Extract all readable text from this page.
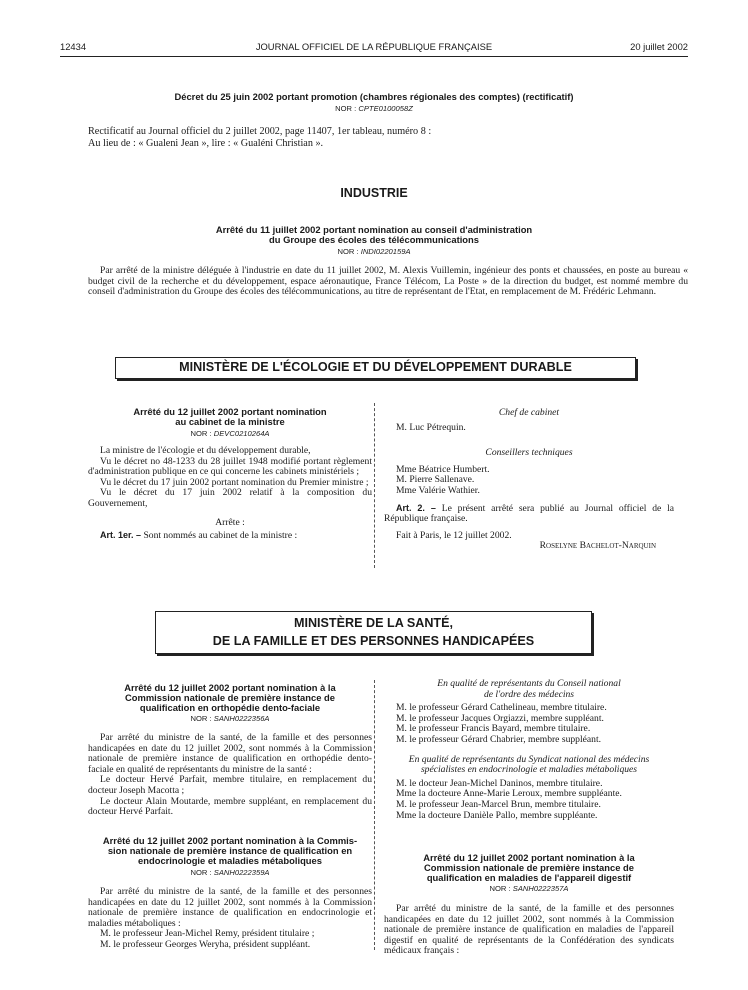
12434	JOURNAL OFFICIEL DE LA RÉPUBLIQUE FRANÇAISE	20 juillet 2002
Décret du 25 juin 2002 portant promotion (chambres régionales des comptes) (rectificatif)
NOR : CPTE0100058Z

Rectificatif au Journal officiel du 2 juillet 2002, page 11407, 1er tableau, numéro 8 :

Au lieu de : « Gualeni Jean », lire : « Gualéni Christian ».

INDUSTRIE
Arrêté du 11 juillet 2002 portant nomination au conseil d'administration
du Groupe des écoles des télécommunications
NOR : INDI0220159A

Par arrêté de la ministre déléguée à l'industrie en date du 11 juillet 2002, M. Alexis Vuillemin, ingénieur des ponts et chaussées, en poste au bureau « budget civil de la recherche et du développement, espace aéronautique, France Télécom, La Poste » de la direction du budget, est nommé membre du conseil d'administration du Groupe des écoles des télécommunications, au titre de représentant de l'Etat, en remplacement de M. Frédéric Lehmann.

MINISTÈRE DE L'ÉCOLOGIE ET DU DÉVELOPPEMENT DURABLE
Arrêté du 12 juillet 2002 portant nomination
au cabinet de la ministre
NOR : DEVC0210264A

La ministre de l'écologie et du développement durable,

Vu le décret no 48-1233 du 28 juillet 1948 modifié portant règlement d'administration publique en ce qui concerne les cabinets ministériels ;

Vu le décret du 17 juin 2002 portant nomination du Premier ministre ;

Vu le décret du 17 juin 2002 relatif à la composition du Gouvernement,

Arrête :

Art. 1er. – Sont nommés au cabinet de la ministre :

Chef de cabinet

M. Luc Pétrequin.

Conseillers techniques

Mme Béatrice Humbert.

M. Pierre Sallenave.

Mme Valérie Wathier.

Art. 2. – Le présent arrêté sera publié au Journal officiel de la République française.

Fait à Paris, le 12 juillet 2002.

Roselyne Bachelot-Narquin

MINISTÈRE DE LA SANTÉ,
DE LA FAMILLE ET DES PERSONNES HANDICAPÉES
Arrêté du 12 juillet 2002 portant nomination à la
Commission nationale de première instance de
qualification en orthopédie dento-faciale
NOR : SANH0222356A

Par arrêté du ministre de la santé, de la famille et des personnes handicapées en date du 12 juillet 2002, sont nommés à la Commission nationale de première instance de qualification en orthopédie dento-faciale en qualité de représentants du ministre de la santé :

Le docteur Hervé Parfait, membre titulaire, en remplacement du docteur Joseph Macotta ;

Le docteur Alain Moutarde, membre suppléant, en remplacement du docteur Hervé Parfait.

Arrêté du 12 juillet 2002 portant nomination à la Commis-
sion nationale de première instance de qualification en
endocrinologie et maladies métaboliques
NOR : SANH0222359A

Par arrêté du ministre de la santé, de la famille et des personnes handicapées en date du 12 juillet 2002, sont nommés à la Commission nationale de première instance de qualification en endocrinologie et maladies métaboliques :

M. le professeur Jean-Michel Remy, président titulaire ;

M. le professeur Georges Weryha, président suppléant.

En qualité de représentants du Conseil national

de l'ordre des médecins

M. le professeur Gérard Cathelineau, membre titulaire.

M. le professeur Jacques Orgiazzi, membre suppléant.

M. le professeur Francis Bayard, membre titulaire.

M. le professeur Gérard Chabrier, membre suppléant.

En qualité de représentants du Syndicat national des médecins

spécialistes en endocrinologie et maladies métaboliques

M. le docteur Jean-Michel Daninos, membre titulaire.

Mme la docteure Anne-Marie Leroux, membre suppléante.

M. le professeur Jean-Marcel Brun, membre titulaire.

Mme la docteure Danièle Pallo, membre suppléante.

Arrêté du 12 juillet 2002 portant nomination à la
Commission nationale de première instance de
qualification en maladies de l'appareil digestif
NOR : SANH0222357A

Par arrêté du ministre de la santé, de la famille et des personnes handicapées en date du 12 juillet 2002, sont nommés à la Commission nationale de première instance de qualification en maladies de l'appareil digestif en qualité de représentants de la Confédération des syndicats médicaux français :
